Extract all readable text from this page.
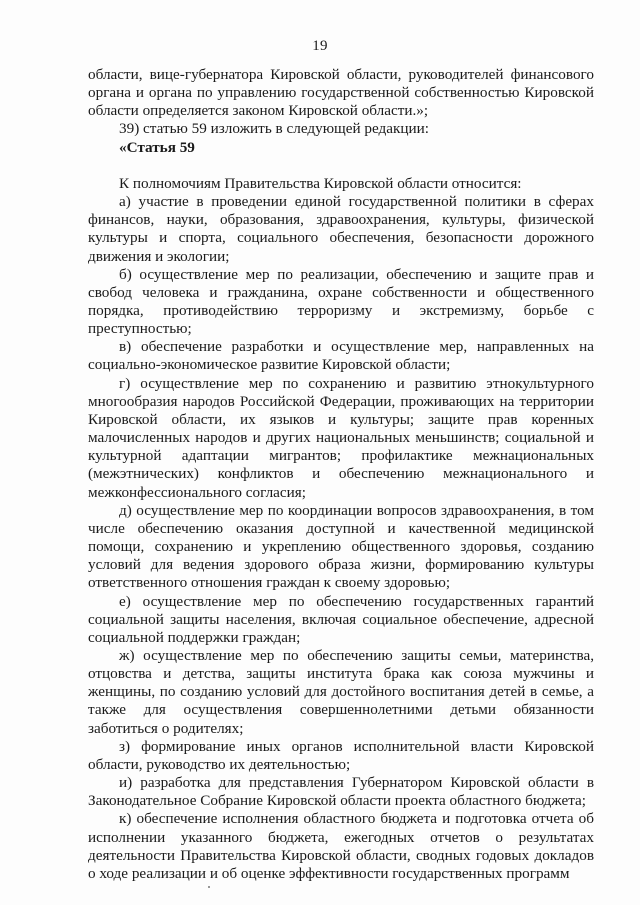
19

области, вице-губернатора Кировской области, руководителей финансового органа и органа по управлению государственной собственностью Кировской области определяется законом Кировской области.»;

39) статью 59 изложить в следующей редакции:

«Статья 59

К полномочиям Правительства Кировской области относится:

а) участие в проведении единой государственной политики в сферах финансов, науки, образования, здравоохранения, культуры, физической культуры и спорта, социального обеспечения, безопасности дорожного движения и экологии;

б) осуществление мер по реализации, обеспечению и защите прав и свобод человека и гражданина, охране собственности и общественного порядка, противодействию терроризму и экстремизму, борьбе с преступностью;

в) обеспечение разработки и осуществление мер, направленных на социально-экономическое развитие Кировской области;

г) осуществление мер по сохранению и развитию этнокультурного многообразия народов Российской Федерации, проживающих на территории Кировской области, их языков и культуры; защите прав коренных малочисленных народов и других национальных меньшинств; социальной и культурной адаптации мигрантов; профилактике межнациональных (межэтнических) конфликтов и обеспечению межнационального и межконфессионального согласия;

д) осуществление мер по координации вопросов здравоохранения, в том числе обеспечению оказания доступной и качественной медицинской помощи, сохранению и укреплению общественного здоровья, созданию условий для ведения здорового образа жизни, формированию культуры ответственного отношения граждан к своему здоровью;

е) осуществление мер по обеспечению государственных гарантий социальной защиты населения, включая социальное обеспечение, адресной социальной поддержки граждан;

ж) осуществление мер по обеспечению защиты семьи, материнства, отцовства и детства, защиты института брака как союза мужчины и женщины, по созданию условий для достойного воспитания детей в семье, а также для осуществления совершеннолетними детьми обязанности заботиться о родителях;

з) формирование иных органов исполнительной власти Кировской области, руководство их деятельностью;

и) разработка для представления Губернатором Кировской области в Законодательное Собрание Кировской области проекта областного бюджета;

к) обеспечение исполнения областного бюджета и подготовка отчета об исполнении указанного бюджета, ежегодных отчетов о результатах деятельности Правительства Кировской области, сводных годовых докладов о ходе реализации и об оценке эффективности государственных программ
